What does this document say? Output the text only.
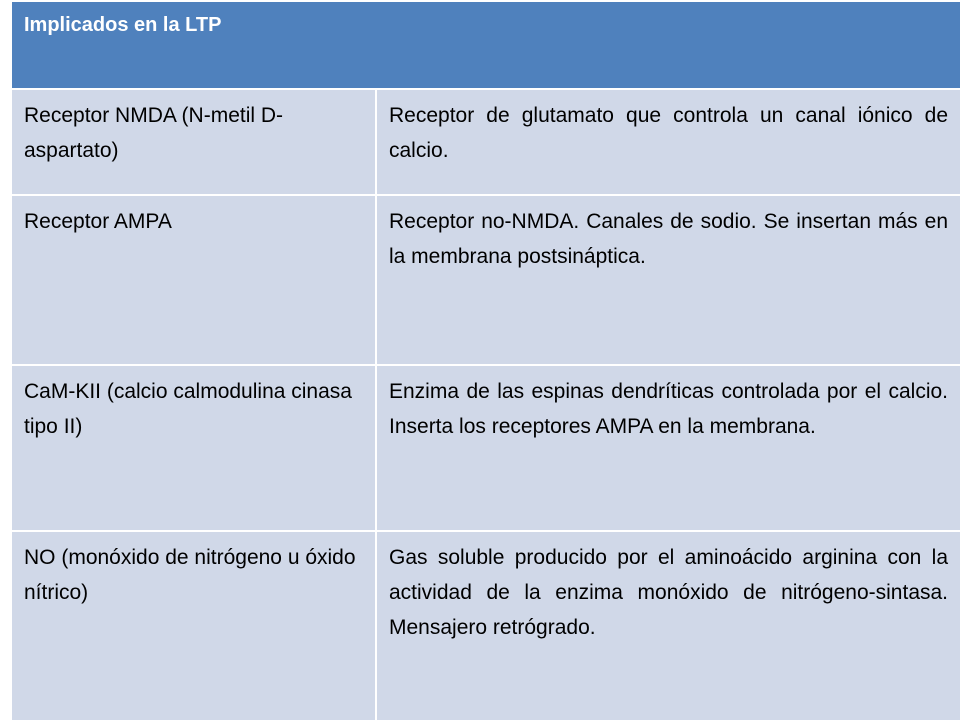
Implicados en la LTP	
Receptor NMDA (N-metil D-aspartato)	Receptor de glutamato que controla un canal iónico de calcio.
Receptor AMPA	Receptor no-NMDA. Canales de sodio. Se insertan más en la membrana postsináptica.
CaM-KII (calcio calmodulina cinasa tipo II)	Enzima de las espinas dendríticas controlada por el calcio. Inserta los receptores AMPA en la membrana.
NO (monóxido de nitrógeno u óxido nítrico)	Gas soluble producido por el aminoácido arginina con la actividad de la enzima monóxido de nitrógeno-sintasa. Mensajero retrógrado.
